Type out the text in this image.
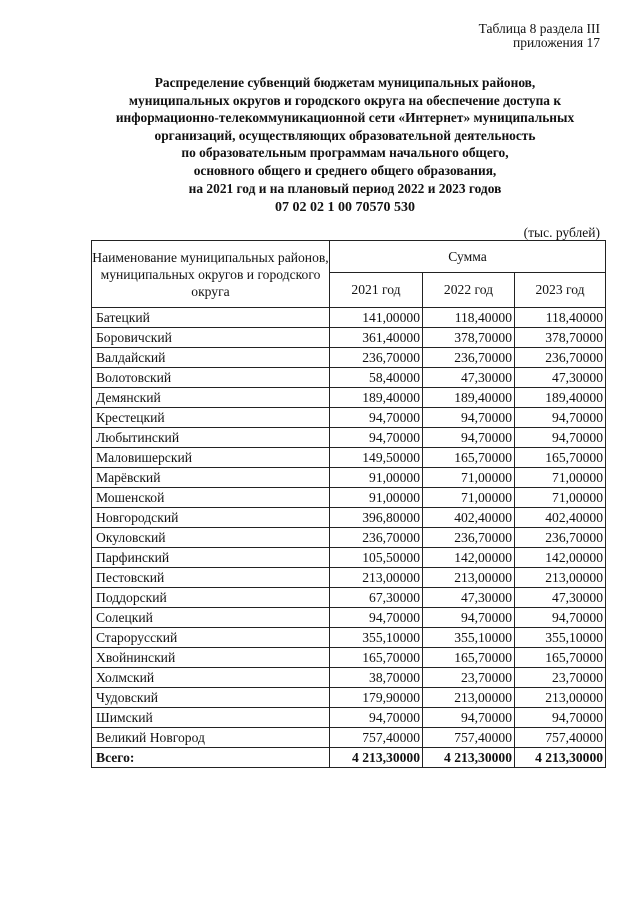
Таблица 8 раздела III
приложения 17
Распределение субвенций бюджетам муниципальных районов,
муниципальных округов и городского округа на обеспечение доступа к
информационно-телекоммуникационной сети «Интернет» муниципальных
организаций, осуществляющих образовательной деятельность
по образовательным программам начального общего,
основного общего и среднего общего образования,
на 2021 год и на плановый период 2022 и 2023 годов
07 02 02 1 00 70570 530
(тыс. рублей)
Наименование муниципальных районов, муниципальных округов и городского округа	Сумма		
	2021 год	2022 год	2023 год
Батецкий	141,00000	118,40000	118,40000
Боровичский	361,40000	378,70000	378,70000
Валдайский	236,70000	236,70000	236,70000
Волотовский	58,40000	47,30000	47,30000
Демянский	189,40000	189,40000	189,40000
Крестецкий	94,70000	94,70000	94,70000
Любытинский	94,70000	94,70000	94,70000
Маловишерский	149,50000	165,70000	165,70000
Марёвский	91,00000	71,00000	71,00000
Мошенской	91,00000	71,00000	71,00000
Новгородский	396,80000	402,40000	402,40000
Окуловский	236,70000	236,70000	236,70000
Парфинский	105,50000	142,00000	142,00000
Пестовский	213,00000	213,00000	213,00000
Поддорский	67,30000	47,30000	47,30000
Солецкий	94,70000	94,70000	94,70000
Старорусский	355,10000	355,10000	355,10000
Хвойнинский	165,70000	165,70000	165,70000
Холмский	38,70000	23,70000	23,70000
Чудовский	179,90000	213,00000	213,00000
Шимский	94,70000	94,70000	94,70000
Великий Новгород	757,40000	757,40000	757,40000
Всего:	4 213,30000	4 213,30000	4 213,30000
